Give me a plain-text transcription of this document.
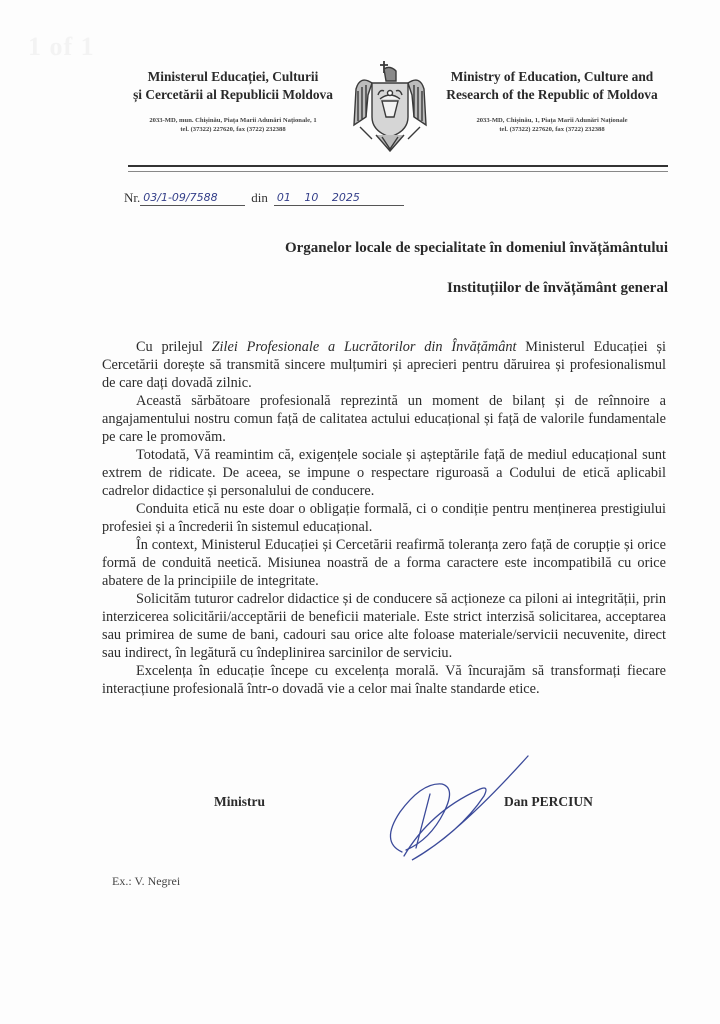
1 of 1
Ministerul Educației, Culturii
și Cercetării al Republicii Moldova
2033-MD, mun. Chișinău, Piața Marii Adunări Naționale, 1
tel. (37322) 227620, fax (3722) 232388
Ministry of Education, Culture and
Research of the Republic of Moldova
2033-MD, Chișinău, 1, Piața Marii Adunări Naționale
tel. (37322) 227620, fax (3722) 232388
Nr. 03/1-09/7588	din 01 10 2025
Organelor locale de specialitate în domeniul învățământului
Instituțiilor de învățământ general

Cu prilejul Zilei Profesionale a Lucrătorilor din Învățământ Ministerul Educației și Cercetării dorește să transmită sincere mulțumiri și aprecieri pentru dăruirea și profesionalismul de care dați dovadă zilnic.

Această sărbătoare profesională reprezintă un moment de bilanț și de reînnoire a angajamentului nostru comun față de calitatea actului educațional și față de valorile fundamentale pe care le promovăm.

Totodată, Vă reamintim că, exigențele sociale și așteptările față de mediul educațional sunt extrem de ridicate. De aceea, se impune o respectare riguroasă a Codului de etică aplicabil cadrelor didactice și personalului de conducere.

Conduita etică nu este doar o obligație formală, ci o condiție pentru menținerea prestigiului profesiei și a încrederii în sistemul educațional.

În context, Ministerul Educației și Cercetării reafirmă toleranța zero față de corupție și orice formă de conduită neetică. Misiunea noastră de a forma caractere este incompatibilă cu orice abatere de la principiile de integritate.

Solicităm tuturor cadrelor didactice și de conducere să acționeze ca piloni ai integrității, prin interzicerea solicitării/acceptării de beneficii materiale. Este strict interzisă solicitarea, acceptarea sau primirea de sume de bani, cadouri sau orice alte foloase materiale/servicii necuvenite, direct sau indirect, în legătură cu îndeplinirea sarcinilor de serviciu.

Excelența în educație începe cu excelența morală. Vă încurajăm să transformați fiecare interacțiune profesională într-o dovadă vie a celor mai înalte standarde etice.

Ministru	Dan PERCIUN
Ex.: V. Negrei
